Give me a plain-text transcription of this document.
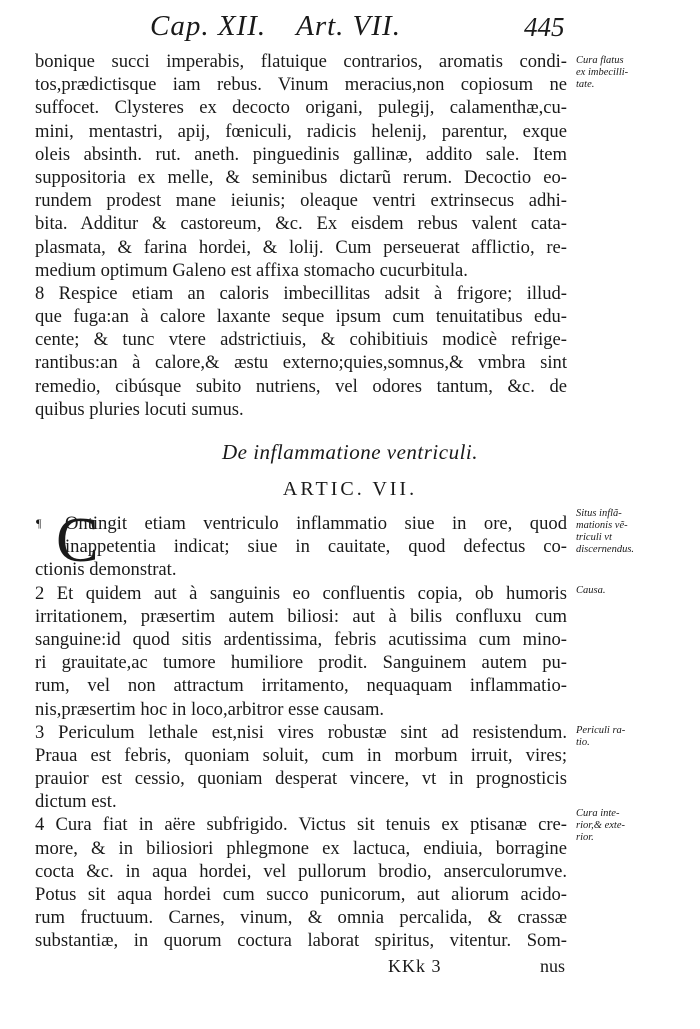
Cap. XII. Art. VII.	445
bonique succi imperabis, flatuique contrarios, aromatis condi-
tos,prædictisque iam rebus. Vinum meracius,non copiosum ne
suffocet. Clysteres ex decocto origani, pulegij, calamenthæ,cu-
mini, mentastri, apij, fœniculi, radicis helenij, parentur, exque
oleis absinth. rut. aneth. pinguedinis gallinæ, addito sale. Item
suppositoria ex melle, & seminibus dictarũ rerum. Decoctio eo-
rundem prodest mane ieiunis; oleaque ventri extrinsecus adhi-
bita. Additur & castoreum, &c. Ex eisdem rebus valent cata-
plasmata, & farina hordei, & lolij. Cum perseuerat afflictio, re-
medium optimum Galeno est affixa stomacho cucurbitula.
8 Respice etiam an caloris imbecillitas adsit à frigore; illud-
que fuga:an à calore laxante seque ipsum cum tenuitatibus edu-
cente; & tunc vtere adstrictiuis, & cohibitiuis modicè refrige-
rantibus:an à calore,& æstu externo;quies,somnus,& vmbra sint
remedio, cibúsque subito nutriens, vel odores tantum, &c. de
quibus pluries locuti sumus.
De inflammatione ventriculi.
ARTIC. VII.
¶ C
Ontingit etiam ventriculo inflammatio siue in ore, quod
inappetentia indicat; siue in cauitate, quod defectus co-
ctionis demonstrat.
2 Et quidem aut à sanguinis eo confluentis copia, ob humoris
irritationem, præsertim autem biliosi: aut à bilis confluxu cum
sanguine:id quod sitis ardentissima, febris acutissima cum mino-
ri grauitate,ac tumore humiliore prodit. Sanguinem autem pu-
rum, vel non attractum irritamento, nequaquam inflammatio-
nis,præsertim hoc in loco,arbitror esse causam.
3 Periculum lethale est,nisi vires robustæ sint ad resistendum.
Praua est febris, quoniam soluit, cum in morbum irruit, vires;
prauior est cessio, quoniam desperat vincere, vt in prognosticis
dictum est.
4 Cura fiat in aëre subfrigido. Victus sit tenuis ex ptisanæ cre-
more, & in biliosiori phlegmone ex lactuca, endiuia, borragine
cocta &c. in aqua hordei, vel pullorum brodio, anserculorumve.
Potus sit aqua hordei cum succo punicorum, aut aliorum acido-
rum fructuum. Carnes, vinum, & omnia percalida, & crassæ
substantiæ, in quorum coctura laborat spiritus, vitentur. Som-
Cura flatus
ex imbecilli-
tate.
Situs inflã-
mationis vẽ-
triculi vt
discernendus.
Causa.
Periculi ra-
tio.
Cura inte-
rior,& exte-
rior.
KKk 3	nus
